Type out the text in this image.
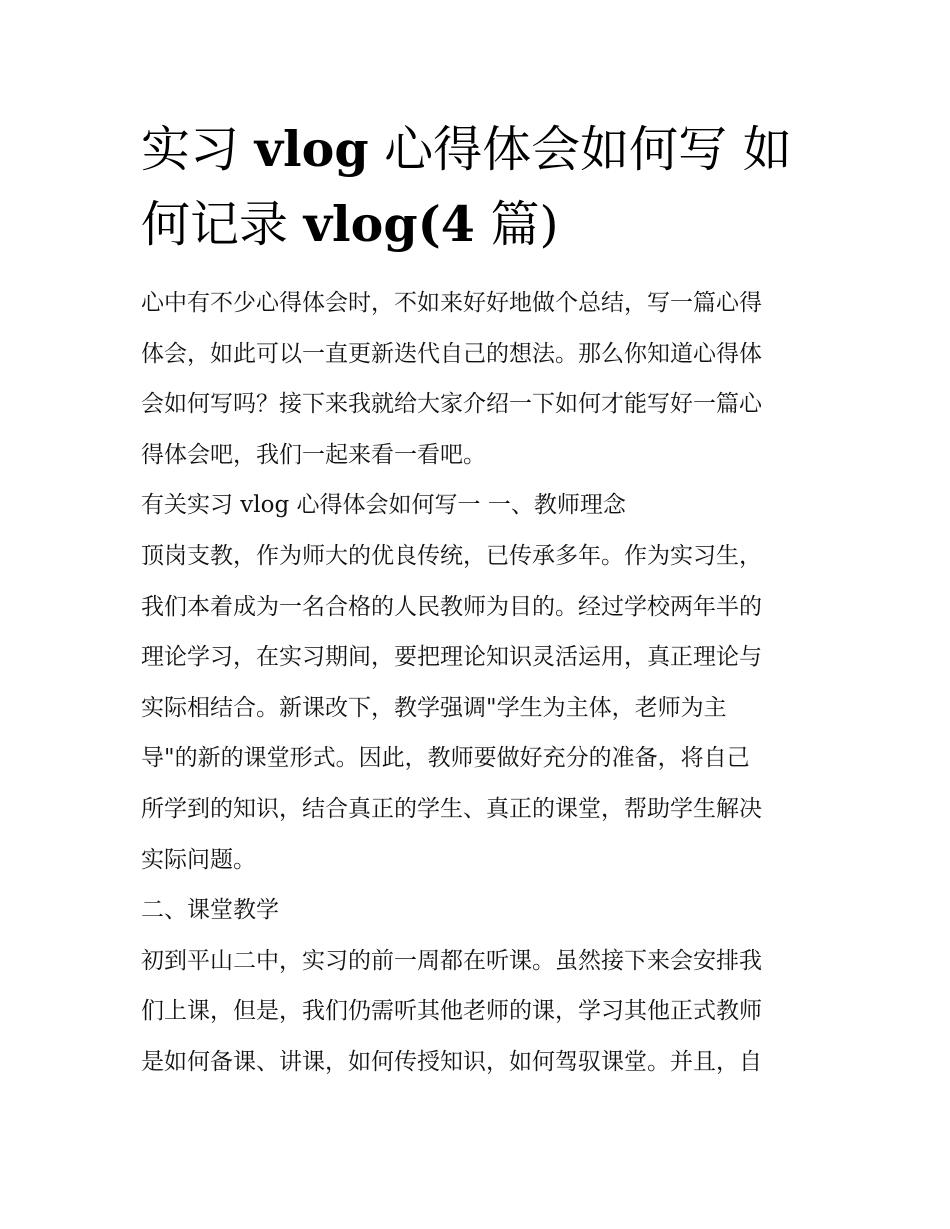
实习 vlog 心得体会如何写 如
何记录 vlog(4 篇)
心中有不少心得体会时，不如来好好地做个总结，写一篇心得
体会，如此可以一直更新迭代自己的想法。那么你知道心得体
会如何写吗？接下来我就给大家介绍一下如何才能写好一篇心
得体会吧，我们一起来看一看吧。
有关实习 vlog 心得体会如何写一 一、教师理念
顶岗支教，作为师大的优良传统，已传承多年。作为实习生，
我们本着成为一名合格的人民教师为目的。经过学校两年半的
理论学习，在实习期间，要把理论知识灵活运用，真正理论与
实际相结合。新课改下，教学强调"学生为主体，老师为主
导"的新的课堂形式。因此，教师要做好充分的准备，将自己
所学到的知识，结合真正的学生、真正的课堂，帮助学生解决
实际问题。
二、课堂教学
初到平山二中，实习的前一周都在听课。虽然接下来会安排我
们上课，但是，我们仍需听其他老师的课，学习其他正式教师
是如何备课、讲课，如何传授知识，如何驾驭课堂。并且，自
